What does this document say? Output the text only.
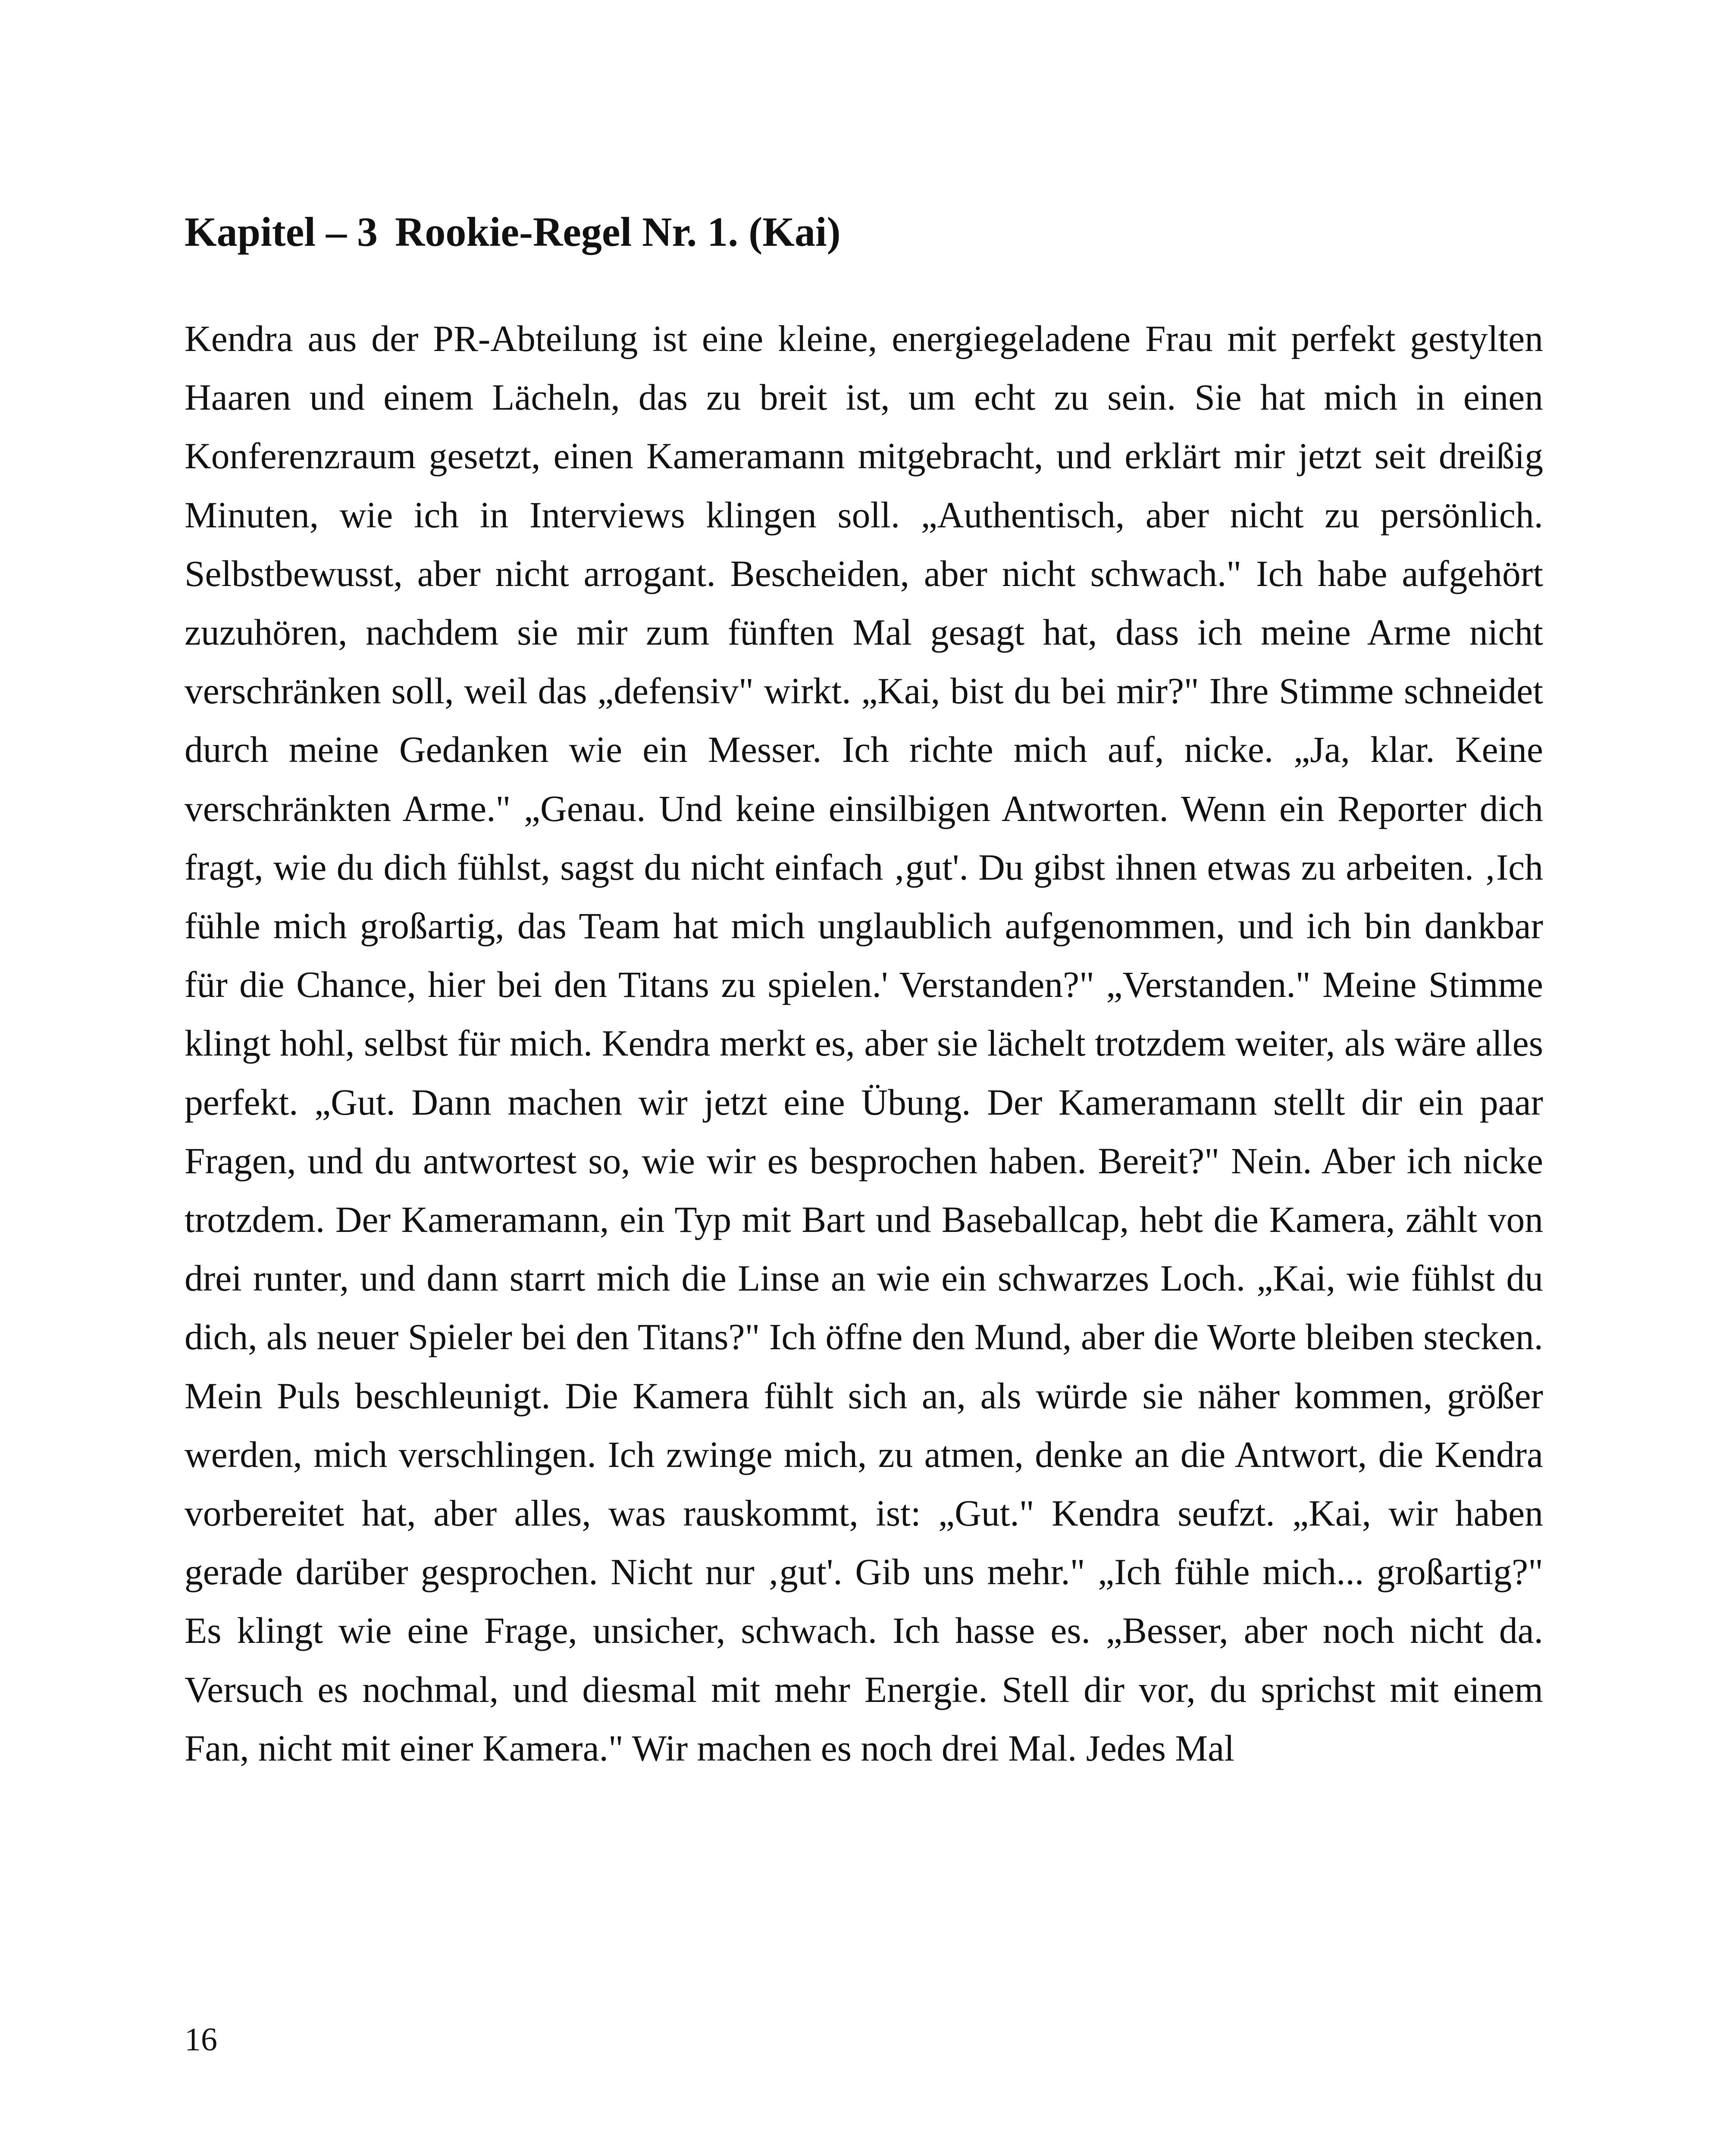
Kapitel – 3 Rookie-Regel Nr. 1. (Kai)

Kendra aus der PR-Abteilung ist eine kleine, energiegeladene Frau mit perfekt gestylten Haaren und einem Lächeln, das zu breit ist, um echt zu sein. Sie hat mich in einen Konferenzraum gesetzt, einen Kameramann mitgebracht, und erklärt mir jetzt seit dreißig Minuten, wie ich in Interviews klingen soll. „Authentisch, aber nicht zu persönlich. Selbstbewusst, aber nicht arrogant. Bescheiden, aber nicht schwach." Ich habe aufgehört zuzuhören, nachdem sie mir zum fünften Mal gesagt hat, dass ich meine Arme nicht verschränken soll, weil das „defensiv" wirkt. „Kai, bist du bei mir?" Ihre Stimme schneidet durch meine Gedanken wie ein Messer. Ich richte mich auf, nicke. „Ja, klar. Keine verschränkten Arme." „Genau. Und keine einsilbigen Antworten. Wenn ein Reporter dich fragt, wie du dich fühlst, sagst du nicht einfach ‚gut'. Du gibst ihnen etwas zu arbeiten. ‚Ich fühle mich großartig, das Team hat mich unglaublich aufgenommen, und ich bin dankbar für die Chance, hier bei den Titans zu spielen.' Verstanden?" „Verstanden." Meine Stimme klingt hohl, selbst für mich. Kendra merkt es, aber sie lächelt trotzdem weiter, als wäre alles perfekt. „Gut. Dann machen wir jetzt eine Übung. Der Kameramann stellt dir ein paar Fragen, und du antwortest so, wie wir es besprochen haben. Bereit?" Nein. Aber ich nicke trotzdem. Der Kameramann, ein Typ mit Bart und Baseballcap, hebt die Kamera, zählt von drei runter, und dann starrt mich die Linse an wie ein schwarzes Loch. „Kai, wie fühlst du dich, als neuer Spieler bei den Titans?" Ich öffne den Mund, aber die Worte bleiben stecken. Mein Puls beschleunigt. Die Kamera fühlt sich an, als würde sie näher kommen, größer werden, mich verschlingen. Ich zwinge mich, zu atmen, denke an die Antwort, die Kendra vorbereitet hat, aber alles, was rauskommt, ist: „Gut." Kendra seufzt. „Kai, wir haben gerade darüber gesprochen. Nicht nur ‚gut'. Gib uns mehr." „Ich fühle mich... großartig?" Es klingt wie eine Frage, unsicher, schwach. Ich hasse es. „Besser, aber noch nicht da. Versuch es nochmal, und diesmal mit mehr Energie. Stell dir vor, du sprichst mit einem Fan, nicht mit einer Kamera." Wir machen es noch drei Mal. Jedes Mal

16
